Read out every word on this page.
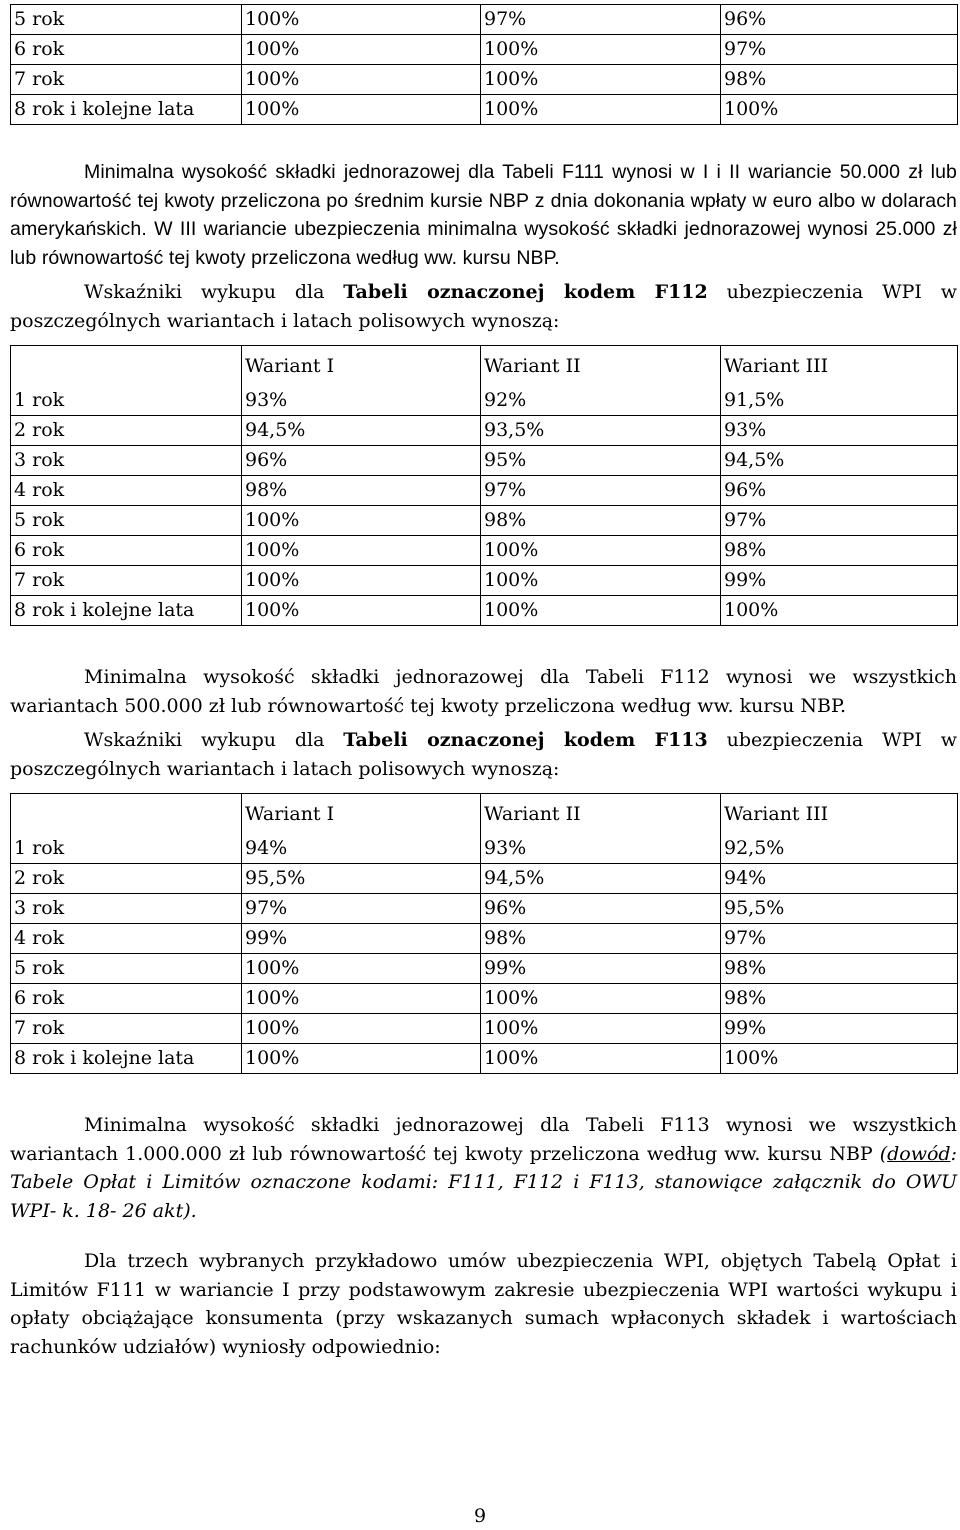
5 rok	100%	97%	96%
6 rok	100%	100%	97%
7 rok	100%	100%	98%
8 rok i kolejne lata	100%	100%	100%

Minimalna wysokość składki jednorazowej dla Tabeli F111 wynosi w I i II wariancie 50.000 zł lub równowartość tej kwoty przeliczona po średnim kursie NBP z dnia dokonania wpłaty w euro albo w dolarach amerykańskich. W III wariancie ubezpieczenia minimalna wysokość składki jednorazowej wynosi 25.000 zł lub równowartość tej kwoty przeliczona według ww. kursu NBP.

Wskaźniki wykupu dla Tabeli oznaczonej kodem F112 ubezpieczenia WPI w poszczególnych wariantach i latach polisowych wynoszą:

	Wariant I	Wariant II	Wariant III
1 rok	93%	92%	91,5%
2 rok	94,5%	93,5%	93%
3 rok	96%	95%	94,5%
4 rok	98%	97%	96%
5 rok	100%	98%	97%
6 rok	100%	100%	98%
7 rok	100%	100%	99%
8 rok i kolejne lata	100%	100%	100%

Minimalna wysokość składki jednorazowej dla Tabeli F112 wynosi we wszystkich wariantach 500.000 zł lub równowartość tej kwoty przeliczona według ww. kursu NBP.

Wskaźniki wykupu dla Tabeli oznaczonej kodem F113 ubezpieczenia WPI w poszczególnych wariantach i latach polisowych wynoszą:

	Wariant I	Wariant II	Wariant III
1 rok	94%	93%	92,5%
2 rok	95,5%	94,5%	94%
3 rok	97%	96%	95,5%
4 rok	99%	98%	97%
5 rok	100%	99%	98%
6 rok	100%	100%	98%
7 rok	100%	100%	99%
8 rok i kolejne lata	100%	100%	100%

Minimalna wysokość składki jednorazowej dla Tabeli F113 wynosi we wszystkich wariantach 1.000.000 zł lub równowartość tej kwoty przeliczona według ww. kursu NBP (dowód: Tabele Opłat i Limitów oznaczone kodami: F111, F112 i F113, stanowiące załącznik do OWU WPI- k. 18- 26 akt).

Dla trzech wybranych przykładowo umów ubezpieczenia WPI, objętych Tabelą Opłat i Limitów F111 w wariancie I przy podstawowym zakresie ubezpieczenia WPI wartości wykupu i opłaty obciążające konsumenta (przy wskazanych sumach wpłaconych składek i wartościach rachunków udziałów) wyniosły odpowiednio:

9
